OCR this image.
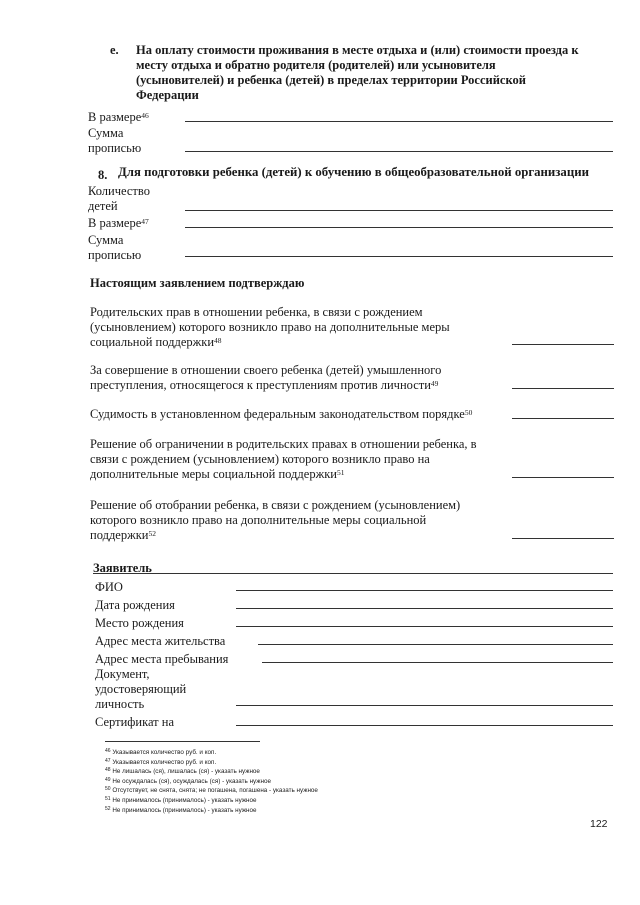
e. На оплату стоимости проживания в месте отдыха и (или) стоимости проезда к
месту отдыха и обратно родителя (родителей) или усыновителя
(усыновителей) и ребенка (детей) в пределах территории Российской
Федерации
В размере$^{46}$
Сумма
прописью
8. Для подготовки ребенка (детей) к обучению в общеобразовательной организации
Количество
детей
В размере$^{47}$
Сумма
прописью
Настоящим заявлением подтверждаю
Родительских прав в отношении ребенка, в связи с рождением
(усыновлением) которого возникло право на дополнительные меры
социальной поддержки$^{48}$
За совершение в отношении своего ребенка (детей) умышленного
преступления, относящегося к преступлениям против личности$^{49}$
Судимость в установленном федеральным законодательством порядке$^{50}$
Решение об ограничении в родительских правах в отношении ребенка, в
связи с рождением (усыновлением) которого возникло право на
дополнительные меры социальной поддержки$^{51}$
Решение об отобрании ребенка, в связи с рождением (усыновлением)
которого возникло право на дополнительные меры социальной
поддержки$^{52}$
Заявитель
ФИО
Дата рождения
Место рождения
Адрес места жительства
Адрес места пребывания
Документ,
удостоверяющий
личность
Сертификат на
$^{46}$ Указывается количество руб. и коп.
$^{47}$ Указывается количество руб. и коп.
$^{48}$ Не лишалась (ся), лишалась (ся) - указать нужное
$^{49}$ Не осуждалась (ся), осуждалась (ся) - указать нужное
$^{50}$ Отсутствует, не снята, снята; не погашена, погашена - указать нужное
$^{51}$ Не принималось (принималось) - указать нужное
$^{52}$ Не принималось (принималось) - указать нужное
122
